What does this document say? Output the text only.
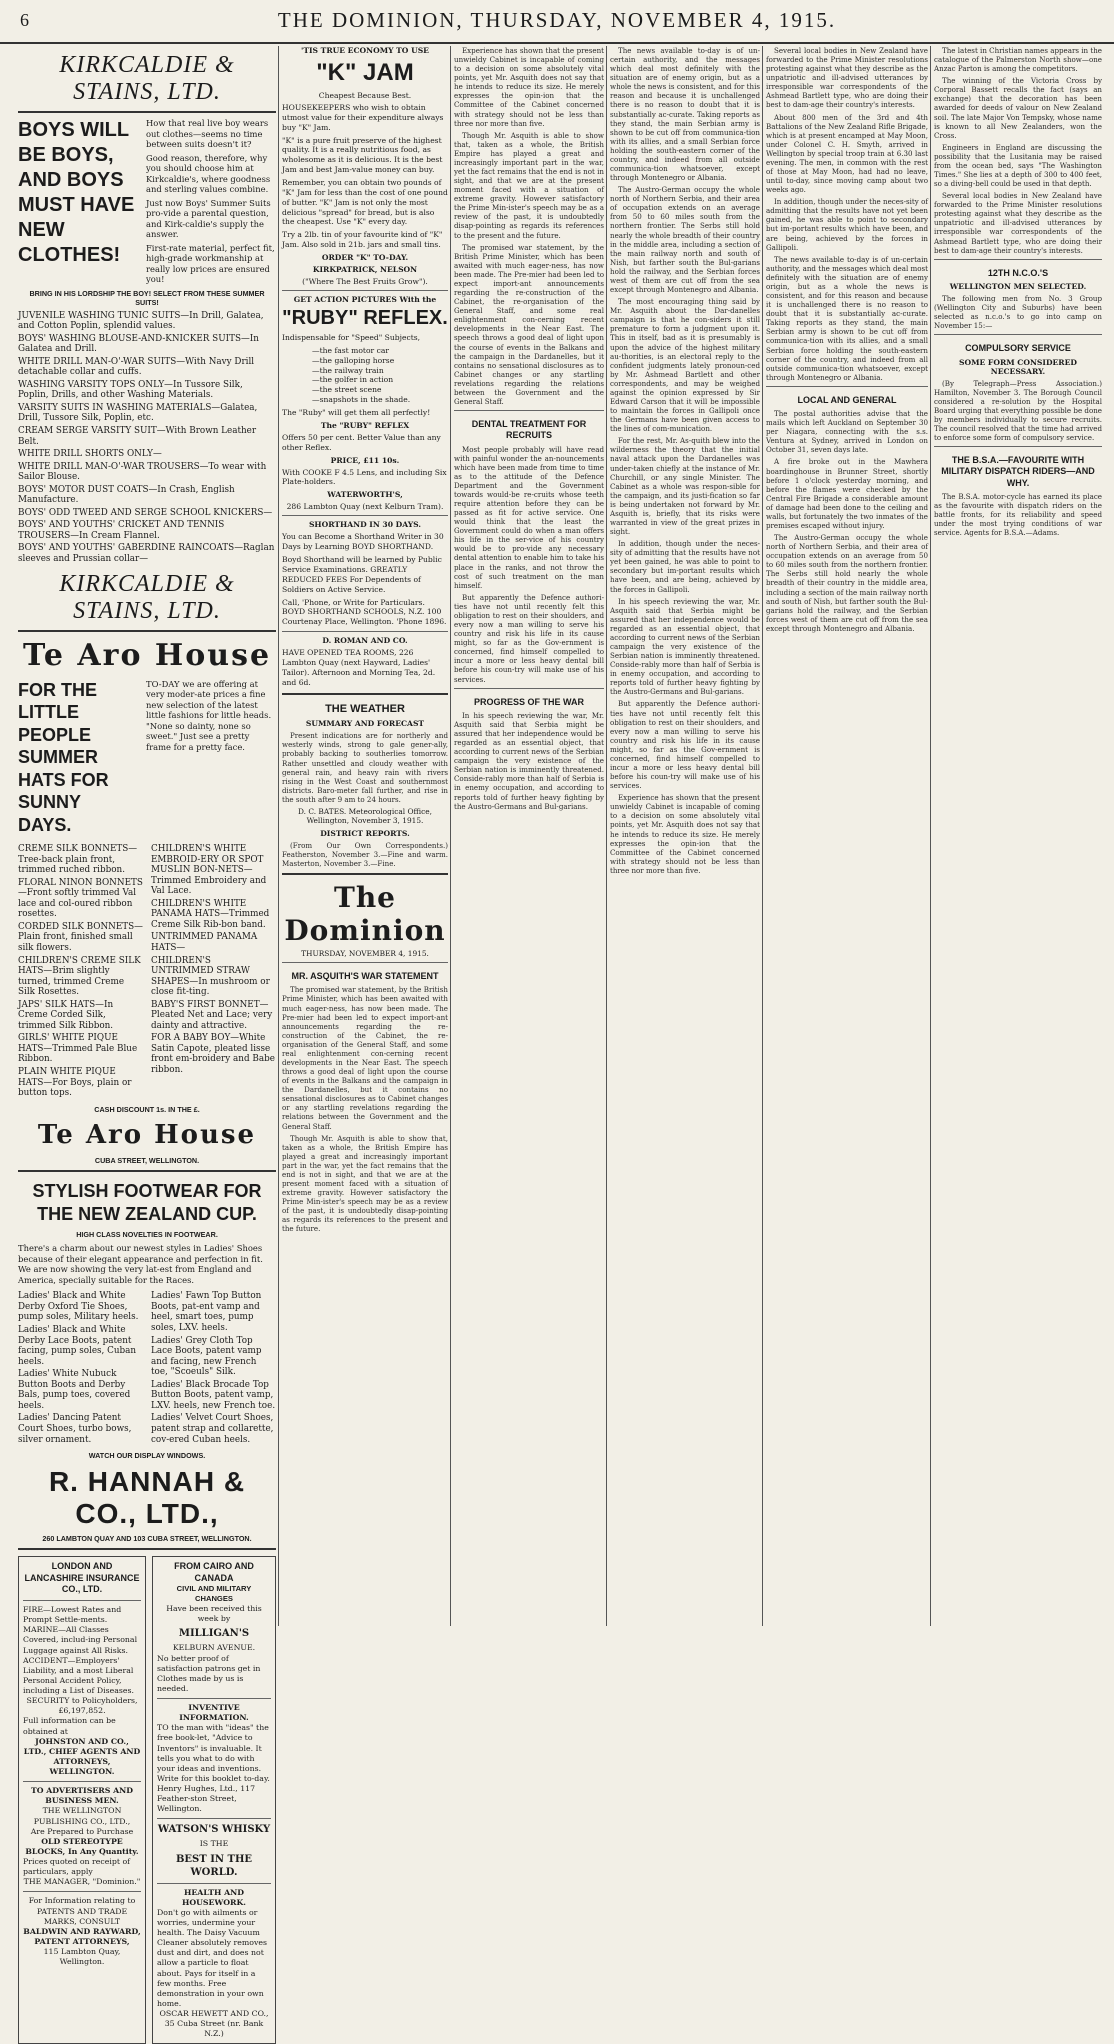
6	THE DOMINION, THURSDAY, NOVEMBER 4, 1915.
KIRKCALDIE & STAINS, LTD.
BOYS WILL BE BOYS, AND BOYS MUST HAVE NEW CLOTHES!
How that real live boy wears out clothes—seems no time between suits doesn't it?
Good reason, therefore, why you should choose him at Kirkcaldie's, where goodness and sterling values combine.
Just now Boys' Summer Suits pro-vide a parental question, and Kirk-caldie's supply the answer.
First-rate material, perfect fit, high-grade workmanship at really low prices are ensured you!
BRING IN HIS LORDSHIP THE BOY! SELECT FROM THESE SUMMER SUITS!
JUVENILE WASHING TUNIC SUITS—In Drill, Galatea, and Cotton Poplin, splendid values.
BOYS' WASHING BLOUSE-AND-KNICKER SUITS—In Galatea and Drill.
WHITE DRILL MAN-O'-WAR SUITS—With Navy Drill detachable collar and cuffs.
WASHING VARSITY TOPS ONLY—In Tussore Silk, Poplin, Drills, and other Washing Materials.
VARSITY SUITS IN WASHING MATERIALS—Galatea, Drill, Tussore Silk, Poplin, etc.
CREAM SERGE VARSITY SUIT—With Brown Leather Belt.
WHITE DRILL SHORTS ONLY—
WHITE DRILL MAN-O'-WAR TROUSERS—To wear with Sailor Blouse.
BOYS' MOTOR DUST COATS—In Crash, English Manufacture.
BOYS' ODD TWEED AND SERGE SCHOOL KNICKERS—
BOYS' AND YOUTHS' CRICKET AND TENNIS TROUSERS—In Cream Flannel.
BOYS' AND YOUTHS' GABERDINE RAINCOATS—Raglan sleeves and Prussian collar—
KIRKCALDIE & STAINS, LTD.
Te Aro House
FOR THE LITTLE PEOPLE SUMMER HATS FOR SUNNY DAYS.
TO-DAY we are offering at very moder-ate prices a fine new selection of the latest little fashions for little heads. "None so dainty, none so sweet." Just see a pretty frame for a pretty face.
CREME SILK BONNETS—Tree-back plain front, trimmed ruched ribbon.
FLORAL NINON BONNETS—Front softly trimmed Val lace and col-oured ribbon rosettes.
CORDED SILK BONNETS—Plain front, finished small silk flowers.
CHILDREN'S CREME SILK HATS—Brim slightly turned, trimmed Creme Silk Rosettes.
JAPS' SILK HATS—In Creme Corded Silk, trimmed Silk Ribbon.
GIRLS' WHITE PIQUE HATS—Trimmed Pale Blue Ribbon.
PLAIN WHITE PIQUE HATS—For Boys, plain or button tops.
CHILDREN'S WHITE EMBROID-ERY OR SPOT MUSLIN BON-NETS—Trimmed Embroidery and Val Lace.
CHILDREN'S WHITE PANAMA HATS—Trimmed Creme Silk Rib-bon band.
UNTRIMMED PANAMA HATS—
CHILDREN'S UNTRIMMED STRAW SHAPES—In mushroom or close fit-ting.
BABY'S FIRST BONNET—Pleated Net and Lace; very dainty and attractive.
FOR A BABY BOY—White Satin Capote, pleated lisse front em-broidery and Babe ribbon.
CASH DISCOUNT 1s. IN THE £.
Te Aro House
CUBA STREET, WELLINGTON.
STYLISH FOOTWEAR FOR THE NEW ZEALAND CUP.
HIGH CLASS NOVELTIES IN FOOTWEAR.
There's a charm about our newest styles in Ladies' Shoes because of their elegant appearance and perfection in fit. We are now showing the very lat-est from England and America, specially suitable for the Races.
Ladies' Black and White Derby Oxford Tie Shoes, pump soles, Military heels.
Ladies' Black and White Derby Lace Boots, patent facing, pump soles, Cuban heels.
Ladies' White Nubuck Button Boots and Derby Bals, pump toes, covered heels.
Ladies' Dancing Patent Court Shoes, turbo bows, silver ornament.
Ladies' Fawn Top Button Boots, pat-ent vamp and heel, smart toes, pump soles, LXV. heels.
Ladies' Grey Cloth Top Lace Boots, patent vamp and facing, new French toe, "Scoeuls" Silk.
Ladies' Black Brocade Top Button Boots, patent vamp, LXV. heels, new French toe.
Ladies' Velvet Court Shoes, patent strap and collarette, cov-ered Cuban heels.
WATCH OUR DISPLAY WINDOWS.
R. HANNAH & CO., LTD.,
260 LAMBTON QUAY AND 103 CUBA STREET, WELLINGTON.
LONDON AND LANCASHIRE INSURANCE CO., LTD.
FIRE—Lowest Rates and Prompt Settle-ments.
MARINE—All Classes Covered, includ-ing Personal Luggage against All Risks.
ACCIDENT—Employers' Liability, and a most Liberal Personal Accident Policy, including a List of Diseases.
SECURITY to Policyholders, £6,197,852.
Full information can be obtained at
JOHNSTON AND CO., LTD., CHIEF AGENTS AND ATTORNEYS, WELLINGTON.
TO ADVERTISERS AND BUSINESS MEN.
THE WELLINGTON PUBLISHING CO., LTD.,
Are Prepared to Purchase
OLD STEREOTYPE BLOCKS, In Any Quantity.
Prices quoted on receipt of particulars, apply
THE MANAGER, "Dominion."
For Information relating to PATENTS AND TRADE MARKS, CONSULT
BALDWIN AND RAYWARD, PATENT ATTORNEYS,
115 Lambton Quay, Wellington.
FROM CAIRO AND CANADA
CIVIL AND MILITARY CHANGES
Have been received this week by
MILLIGAN'S
KELBURN AVENUE.
No better proof of satisfaction patrons get in Clothes made by us is needed.
INVENTIVE INFORMATION.
TO the man with "ideas" the free book-let, "Advice to Inventors" is invaluable. It tells you what to do with your ideas and inventions. Write for this booklet to-day. Henry Hughes, Ltd., 117 Feather-ston Street, Wellington.
WATSON'S WHISKY
IS THE
BEST IN THE WORLD.
HEALTH AND HOUSEWORK.
Don't go with ailments or worries, undermine your health. The Daisy Vacuum Cleaner absolutely removes dust and dirt, and does not allow a particle to float about. Pays for itself in a few months. Free demonstration in your own home.
OSCAR HEWETT AND CO., 35 Cuba Street (nr. Bank N.Z.)
'TIS TRUE ECONOMY TO USE
"K" JAM
Cheapest Because Best.
HOUSEKEEPERS who wish to obtain utmost value for their expenditure always buy "K" Jam.
"K" is a pure fruit preserve of the highest quality. It is a really nutritious food, as wholesome as it is delicious. It is the best Jam and best Jam-value money can buy.
Remember, you can obtain two pounds of "K" Jam for less than the cost of one pound of butter. "K" Jam is not only the most delicious "spread" for bread, but is also the cheapest. Use "K" every day.
Try a 2lb. tin of your favourite kind of "K" Jam. Also sold in 21b. jars and small tins.
ORDER "K" TO-DAY.
KIRKPATRICK, NELSON
("Where The Best Fruits Grow").
GET ACTION PICTURES With the
"RUBY" REFLEX.
Indispensable for "Speed" Subjects,
—the fast motor car
—the galloping horse
—the railway train
—the golfer in action
—the street scene
—snapshots in the shade.
The "Ruby" will get them all perfectly!
The "RUBY" REFLEX
Offers 50 per cent. Better Value than any other Reflex.
PRICE, £11 10s.
With COOKE F 4.5 Lens, and including Six Plate-holders.
WATERWORTH'S,
286 Lambton Quay (next Kelburn Tram).
SHORTHAND IN 30 DAYS.
You can Become a Shorthand Writer in 30 Days by Learning BOYD SHORTHAND.
Boyd Shorthand will be learned by Public Service Examinations. GREATLY REDUCED FEES For Dependents of Soldiers on Active Service.
Call, 'Phone, or Write for Particulars. BOYD SHORTHAND SCHOOLS, N.Z. 100 Courtenay Place, Wellington. 'Phone 1896.
D. ROMAN AND CO.
HAVE OPENED TEA ROOMS, 226 Lambton Quay (next Hayward, Ladies' Tailor). Afternoon and Morning Tea, 2d. and 6d.
THE WEATHER
SUMMARY AND FORECAST

Present indications are for northerly and westerly winds, strong to gale gener-ally, probably backing to southerlies tomorrow. Rather unsettled and cloudy weather with general rain, and heavy rain with rivers rising in the West Coast and southernmost districts. Baro-meter fall further, and rise in the south after 9 am to 24 hours.

D. C. BATES. Meteorological Office, Wellington, November 3, 1915.
DISTRICT REPORTS.

(From Our Own Correspondents.) Featherston, November 3.—Fine and warm. Masterton, November 3.—Fine.

The Dominion
THURSDAY, NOVEMBER 4, 1915.
MR. ASQUITH'S WAR STATEMENT

The promised war statement, by the British Prime Minister, which has been awaited with much eager-ness, has now been made. The Pre-mier had been led to expect import-ant announcements regarding the re-construction of the Cabinet, the re-organisation of the General Staff, and some real enlightenment con-cerning recent developments in the Near East. The speech throws a good deal of light upon the course of events in the Balkans and the campaign in the Dardanelles, but it contains no sensational disclosures as to Cabinet changes or any startling revelations regarding the relations between the Government and the General Staff.

Though Mr. Asquith is able to show that, taken as a whole, the British Empire has played a great and increasingly important part in the war, yet the fact remains that the end is not in sight, and that we are at the present moment faced with a situation of extreme gravity. However satisfactory the Prime Min-ister's speech may be as a review of the past, it is undoubtedly disap-pointing as regards its references to the present and the future.

Experience has shown that the present unwieldy Cabinet is incapable of coming to a decision on some absolutely vital points, yet Mr. Asquith does not say that he intends to reduce its size. He merely expresses the opin-ion that the Committee of the Cabinet concerned with strategy should not be less than three nor more than five.

Though Mr. Asquith is able to show that, taken as a whole, the British Empire has played a great and increasingly important part in the war, yet the fact remains that the end is not in sight, and that we are at the present moment faced with a situation of extreme gravity. However satisfactory the Prime Min-ister's speech may be as a review of the past, it is undoubtedly disap-pointing as regards its references to the present and the future.

The promised war statement, by the British Prime Minister, which has been awaited with much eager-ness, has now been made. The Pre-mier had been led to expect import-ant announcements regarding the re-construction of the Cabinet, the re-organisation of the General Staff, and some real enlightenment con-cerning recent developments in the Near East. The speech throws a good deal of light upon the course of events in the Balkans and the campaign in the Dardanelles, but it contains no sensational disclosures as to Cabinet changes or any startling revelations regarding the relations between the Government and the General Staff.

DENTAL TREATMENT FOR RECRUITS

Most people probably will have read with painful wonder the an-nouncements which have been made from time to time as to the attitude of the Defence Department and the Government towards would-be re-cruits whose teeth require attention before they can be passed as fit for active service. One would think that the least the Government could do when a man offers his life in the ser-vice of his country would be to pro-vide any necessary dental attention to enable him to take his place in the ranks, and not throw the cost of such treatment on the man himself.

But apparently the Defence authori-ties have not until recently felt this obligation to rest on their shoulders, and every now a man willing to serve his country and risk his life in its cause might, so far as the Gov-ernment is concerned, find himself compelled to incur a more or less heavy dental bill before his coun-try will make use of his services.

PROGRESS OF THE WAR

In his speech reviewing the war, Mr. Asquith said that Serbia might be assured that her independence would be regarded as an essential object, that according to current news of the Serbian campaign the very existence of the Serbian nation is imminently threatened. Conside-rably more than half of Serbia is in enemy occupation, and according to reports told of further heavy fighting by the Austro-Germans and Bul-garians.

The news available to-day is of un-certain authority, and the messages which deal most definitely with the situation are of enemy origin, but as a whole the news is consistent, and for this reason and because it is unchallenged there is no reason to doubt that it is substantially ac-curate. Taking reports as they stand, the main Serbian army is shown to be cut off from communica-tion with its allies, and a small Serbian force holding the south-eastern corner of the country, and indeed from all outside communica-tion whatsoever, except through Montenegro or Albania.

The Austro-German occupy the whole north of Northern Serbia, and their area of occupation extends on an average from 50 to 60 miles south from the northern frontier. The Serbs still hold nearly the whole breadth of their country in the middle area, including a section of the main railway north and south of Nish, but farther south the Bul-garians hold the railway, and the Serbian forces west of them are cut off from the sea except through Montenegro and Albania.

The most encouraging thing said by Mr. Asquith about the Dar-danelles campaign is that he con-siders it still premature to form a judgment upon it. This in itself, bad as it is presumably is upon the advice of the highest military au-thorities, is an electoral reply to the confident judgments lately pronoun-ced by Mr. Ashmead Bartlett and other correspondents, and may be weighed against the opinion expressed by Sir Edward Carson that it will be impossible to maintain the forces in Gallipoli once the Germans have been given access to the lines of com-munication.

For the rest, Mr. As-quith blew into the wilderness the theory that the initial naval attack upon the Dardanelles was under-taken chiefly at the instance of Mr. Churchill, or any single Minister. The Cabinet as a whole was respon-sible for the campaign, and its justi-fication so far is being undertaken not forward by Mr. Asquith is, briefly, that its risks were warranted in view of the great prizes in sight.

In addition, though under the neces-sity of admitting that the results have not yet been gained, he was able to point to secondary but im-portant results which have been, and are being, achieved by the forces in Gallipoli.

In his speech reviewing the war, Mr. Asquith said that Serbia might be assured that her independence would be regarded as an essential object, that according to current news of the Serbian campaign the very existence of the Serbian nation is imminently threatened. Conside-rably more than half of Serbia is in enemy occupation, and according to reports told of further heavy fighting by the Austro-Germans and Bul-garians.

But apparently the Defence authori-ties have not until recently felt this obligation to rest on their shoulders, and every now a man willing to serve his country and risk his life in its cause might, so far as the Gov-ernment is concerned, find himself compelled to incur a more or less heavy dental bill before his coun-try will make use of his services.

Experience has shown that the present unwieldy Cabinet is incapable of coming to a decision on some absolutely vital points, yet Mr. Asquith does not say that he intends to reduce its size. He merely expresses the opin-ion that the Committee of the Cabinet concerned with strategy should not be less than three nor more than five.

Several local bodies in New Zealand have forwarded to the Prime Minister resolutions protesting against what they describe as the unpatriotic and ill-advised utterances by irresponsible war correspondents of the Ashmead Bartlett type, who are doing their best to dam-age their country's interests.

About 800 men of the 3rd and 4th Battalions of the New Zealand Rifle Brigade, which is at present encamped at May Moon, under Colonel C. H. Smyth, arrived in Wellington by special troop train at 6.30 last evening. The men, in common with the rest of those at May Moon, had had no leave, until to-day, since moving camp about two weeks ago.

In addition, though under the neces-sity of admitting that the results have not yet been gained, he was able to point to secondary but im-portant results which have been, and are being, achieved by the forces in Gallipoli.

The news available to-day is of un-certain authority, and the messages which deal most definitely with the situation are of enemy origin, but as a whole the news is consistent, and for this reason and because it is unchallenged there is no reason to doubt that it is substantially ac-curate. Taking reports as they stand, the main Serbian army is shown to be cut off from communica-tion with its allies, and a small Serbian force holding the south-eastern corner of the country, and indeed from all outside communica-tion whatsoever, except through Montenegro or Albania.

LOCAL AND GENERAL

The postal authorities advise that the mails which left Auckland on September 30 per Niagara, connecting with the s.s. Ventura at Sydney, arrived in London on October 31, seven days late.

A fire broke out in the Mawhera boardinghouse in Brunner Street, shortly before 1 o'clock yesterday morning, and before the flames were checked by the Central Fire Brigade a considerable amount of damage had been done to the ceiling and walls, but fortunately the two inmates of the premises escaped without injury.

The Austro-German occupy the whole north of Northern Serbia, and their area of occupation extends on an average from 50 to 60 miles south from the northern frontier. The Serbs still hold nearly the whole breadth of their country in the middle area, including a section of the main railway north and south of Nish, but farther south the Bul-garians hold the railway, and the Serbian forces west of them are cut off from the sea except through Montenegro and Albania.

The latest in Christian names appears in the catalogue of the Palmerston North show—one Anzac Parton is among the competitors.

The winning of the Victoria Cross by Corporal Bassett recalls the fact (says an exchange) that the decoration has been awarded for deeds of valour on New Zealand soil. The late Major Von Tempsky, whose name is known to all New Zealanders, won the Cross.

Engineers in England are discussing the possibility that the Lusitania may be raised from the ocean bed, says "The Washington Times." She lies at a depth of 300 to 400 feet, so a diving-bell could be used in that depth.

Several local bodies in New Zealand have forwarded to the Prime Minister resolutions protesting against what they describe as the unpatriotic and ill-advised utterances by irresponsible war correspondents of the Ashmead Bartlett type, who are doing their best to dam-age their country's interests.

12TH N.C.O.'S
WELLINGTON MEN SELECTED.

The following men from No. 3 Group (Wellington City and Suburbs) have been selected as n.c.o.'s to go into camp on November 15:—

COMPULSORY SERVICE
SOME FORM CONSIDERED NECESSARY.

(By Telegraph—Press Association.) Hamilton, November 3. The Borough Council considered a re-solution by the Hospital Board urging that everything possible be done by members individually to secure recruits. The council resolved that the time had arrived to enforce some form of compulsory service.

THE B.S.A.—FAVOURITE WITH MILITARY DISPATCH RIDERS—AND WHY.

The B.S.A. motor-cycle has earned its place as the favourite with dispatch riders on the battle fronts, for its reliability and speed under the most trying conditions of war service. Agents for B.S.A.—Adams.
